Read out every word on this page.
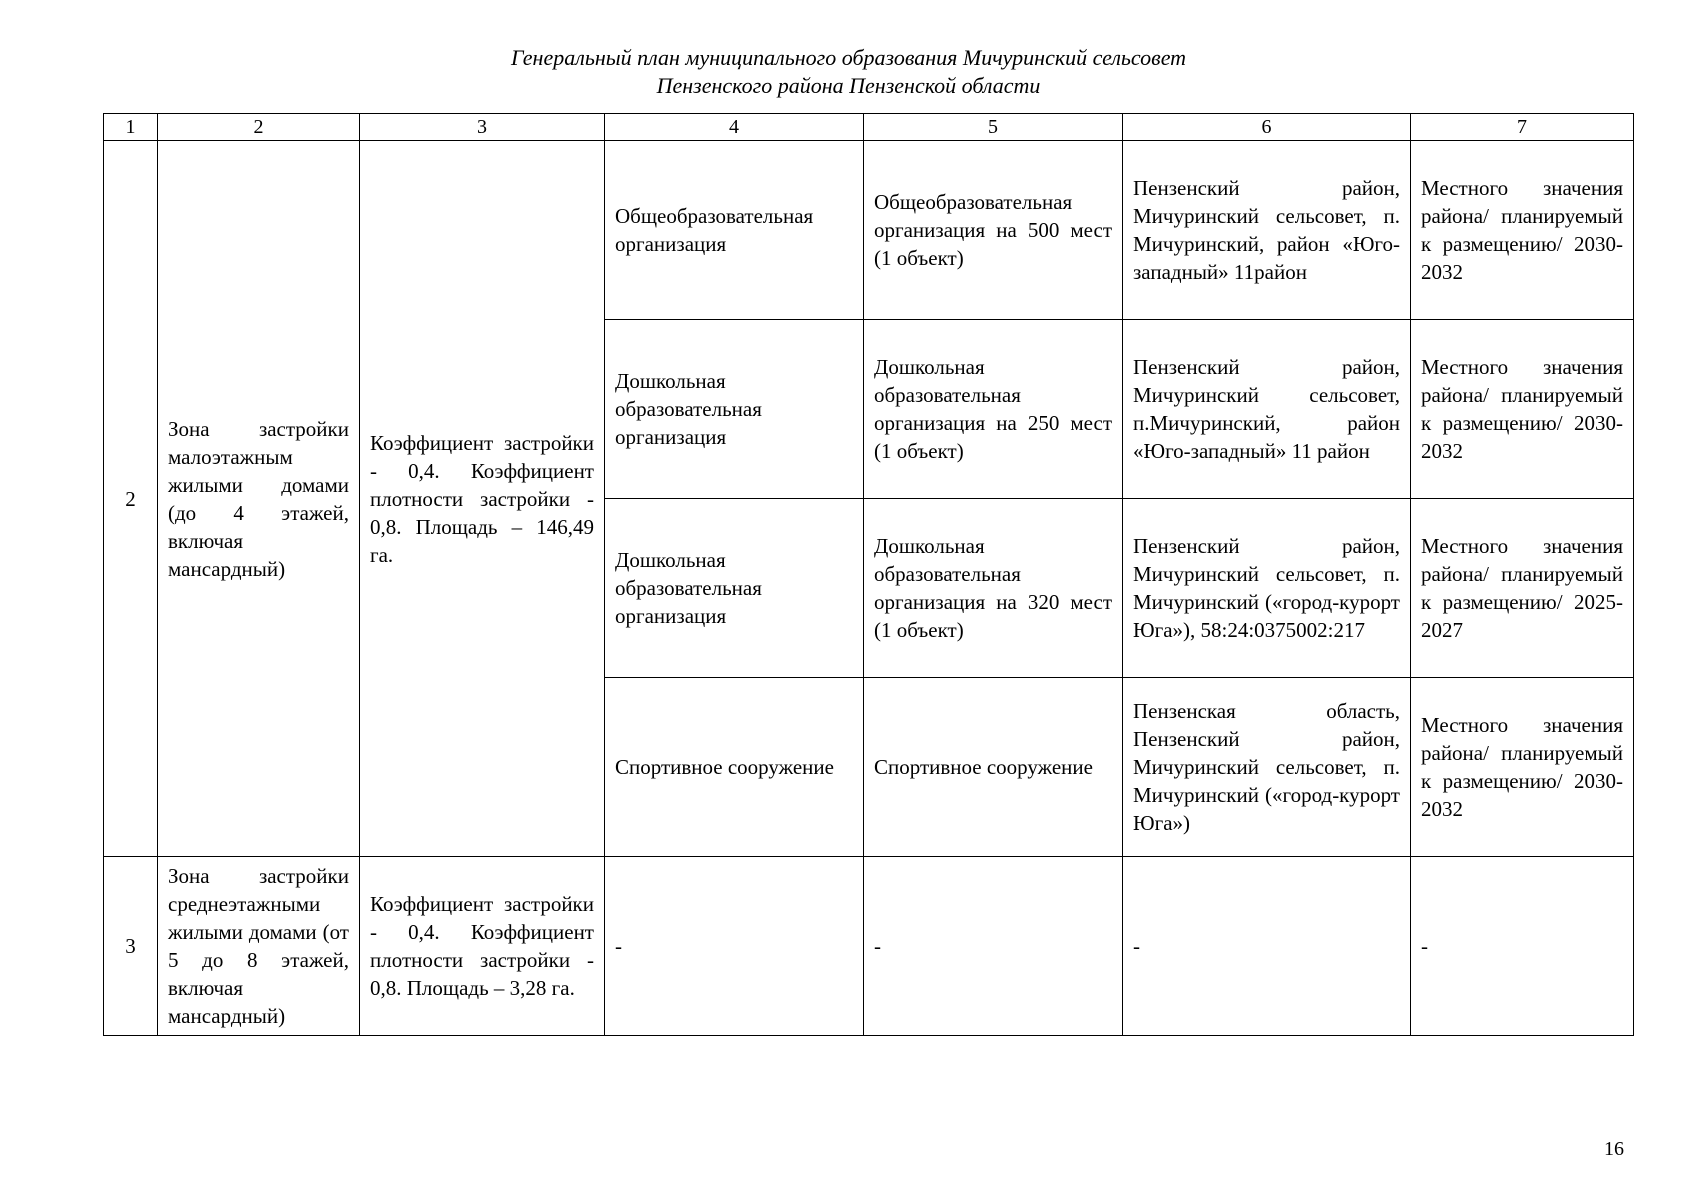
Генеральный план муниципального образования Мичуринский сельсовет
Пензенского района Пензенской области
1	2	3	4	5	6	7
2	Зона застройки малоэтажным жилыми домами (до 4 этажей, включая мансардный)	Коэффициент застройки - 0,4. Коэффициент плотности застройки - 0,8. Площадь – 146,49 га.	Общеобразовательная организация	Общеобразовательная организация на 500 мест (1 объект)	Пензенский район, Мичуринский сельсовет, п. Мичуринский, район «Юго-западный» 11район	Местного значения района/ планируемый к размещению/ 2030-2032
			Дошкольная образовательная организация	Дошкольная образовательная организация на 250 мест (1 объект)	Пензенский район, Мичуринский сельсовет, п.Мичуринский, район «Юго-западный» 11 район	Местного значения района/ планируемый к размещению/ 2030-2032
			Дошкольная образовательная организация	Дошкольная образовательная организация на 320 мест (1 объект)	Пензенский район, Мичуринский сельсовет, п. Мичуринский («город-курорт Юга»), 58:24:0375002:217	Местного значения района/ планируемый к размещению/ 2025-2027
			Спортивное сооружение	Спортивное сооружение	Пензенская область, Пензенский район, Мичуринский сельсовет, п. Мичуринский («город-курорт Юга»)	Местного значения района/ планируемый к размещению/ 2030-2032
3	Зона застройки среднеэтажными жилыми домами (от 5 до 8 этажей, включая мансардный)	Коэффициент застройки - 0,4. Коэффициент плотности застройки - 0,8. Площадь – 3,28 га.	-	-	-	-
16
